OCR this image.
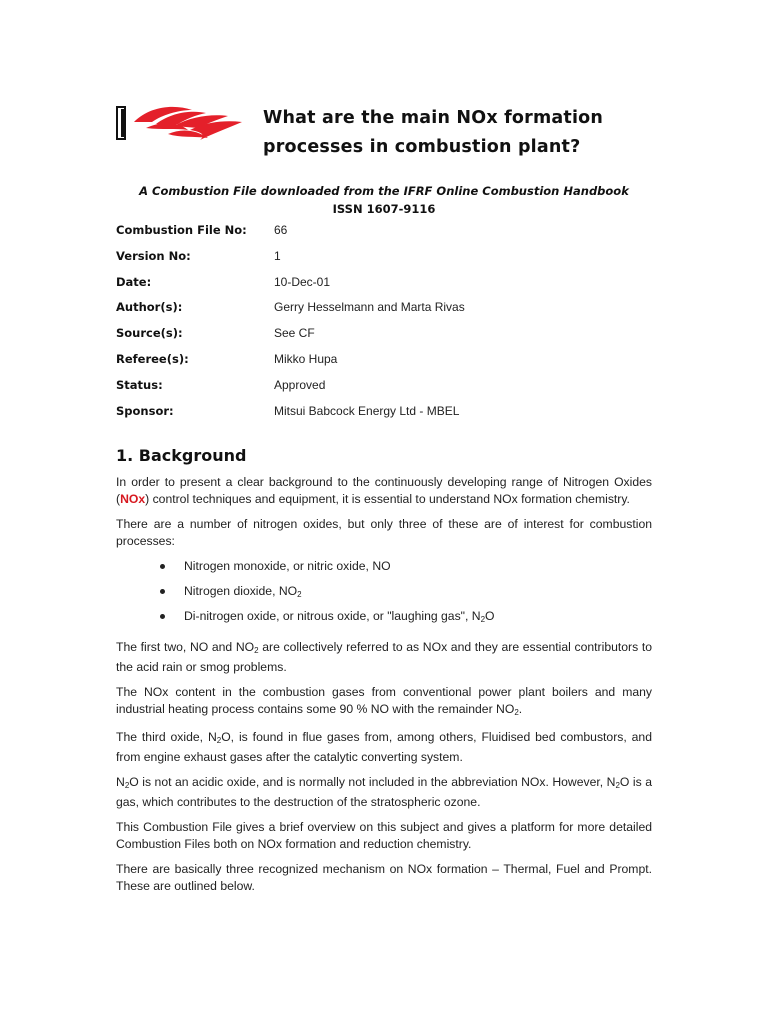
What are the main NOx formation
processes in combustion plant?
A Combustion File downloaded from the IFRF Online Combustion Handbook
ISSN 1607-9116
Combustion File No:	66
Version No:	1
Date:	10-Dec-01
Author(s):	Gerry Hesselmann and Marta Rivas
Source(s):	See CF
Referee(s):	Mikko Hupa
Status:	Approved
Sponsor:	Mitsui Babcock Energy Ltd - MBEL
1. Background

In order to present a clear background to the continuously developing range of Nitrogen Oxides (NOx) control techniques and equipment, it is essential to understand NOx formation chemistry.

There are a number of nitrogen oxides, but only three of these are of interest for combustion processes:

Nitrogen monoxide, or nitric oxide, NO
Nitrogen dioxide, $NO_2$
Di-nitrogen oxide, or nitrous oxide, or "laughing gas", $N_2O$

The first two, NO and $NO_2$ are collectively referred to as NOx and they are essential contributors to the acid rain or smog problems.

The NOx content in the combustion gases from conventional power plant boilers and many industrial heating process contains some 90 % NO with the remainder $NO_2$.

The third oxide, $N_2O$, is found in flue gases from, among others, Fluidised bed combustors, and from engine exhaust gases after the catalytic converting system.

$N_2O$ is not an acidic oxide, and is normally not included in the abbreviation NOx. However, $N_2O$ is a gas, which contributes to the destruction of the stratospheric ozone.

This Combustion File gives a brief overview on this subject and gives a platform for more detailed Combustion Files both on NOx formation and reduction chemistry.

There are basically three recognized mechanism on NOx formation – Thermal, Fuel and Prompt. These are outlined below.
